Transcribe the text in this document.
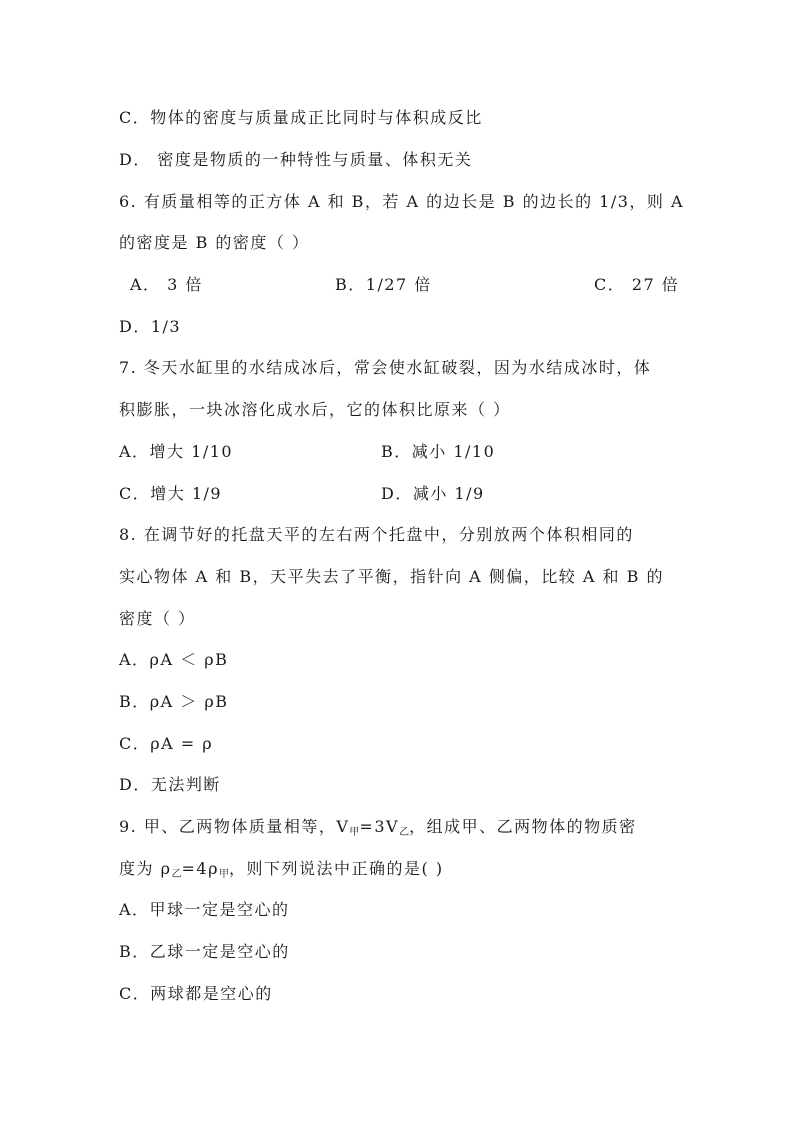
C．物体的密度与质量成正比同时与体积成反比
D． 密度是物质的一种特性与质量、体积无关
6. 有质量相等的正方体 A 和 B，若 A 的边长是 B 的边长的 1/3，则 A
的密度是 B 的密度（ ）
A． 3 倍	B．1/27 倍	C． 27 倍
D．1/3
7. 冬天水缸里的水结成冰后，常会使水缸破裂，因为水结成冰时，体
积膨胀，一块冰溶化成水后，它的体积比原来（ ）
A．增大 1/10	B．减小 1/10
C．增大 1/9	D．减小 1/9
8. 在调节好的托盘天平的左右两个托盘中，分别放两个体积相同的
实心物体 A 和 B，天平失去了平衡，指针向 A 侧偏，比较 A 和 B 的
密度（ ）
A．ρA ＜ ρB
B．ρA ＞ ρB
C．ρA = ρ
D．无法判断
9. 甲、乙两物体质量相等，V甲=3V乙，组成甲、乙两物体的物质密
度为 ρ乙=4ρ甲，则下列说法中正确的是( )
A．甲球一定是空心的
B．乙球一定是空心的
C．两球都是空心的
